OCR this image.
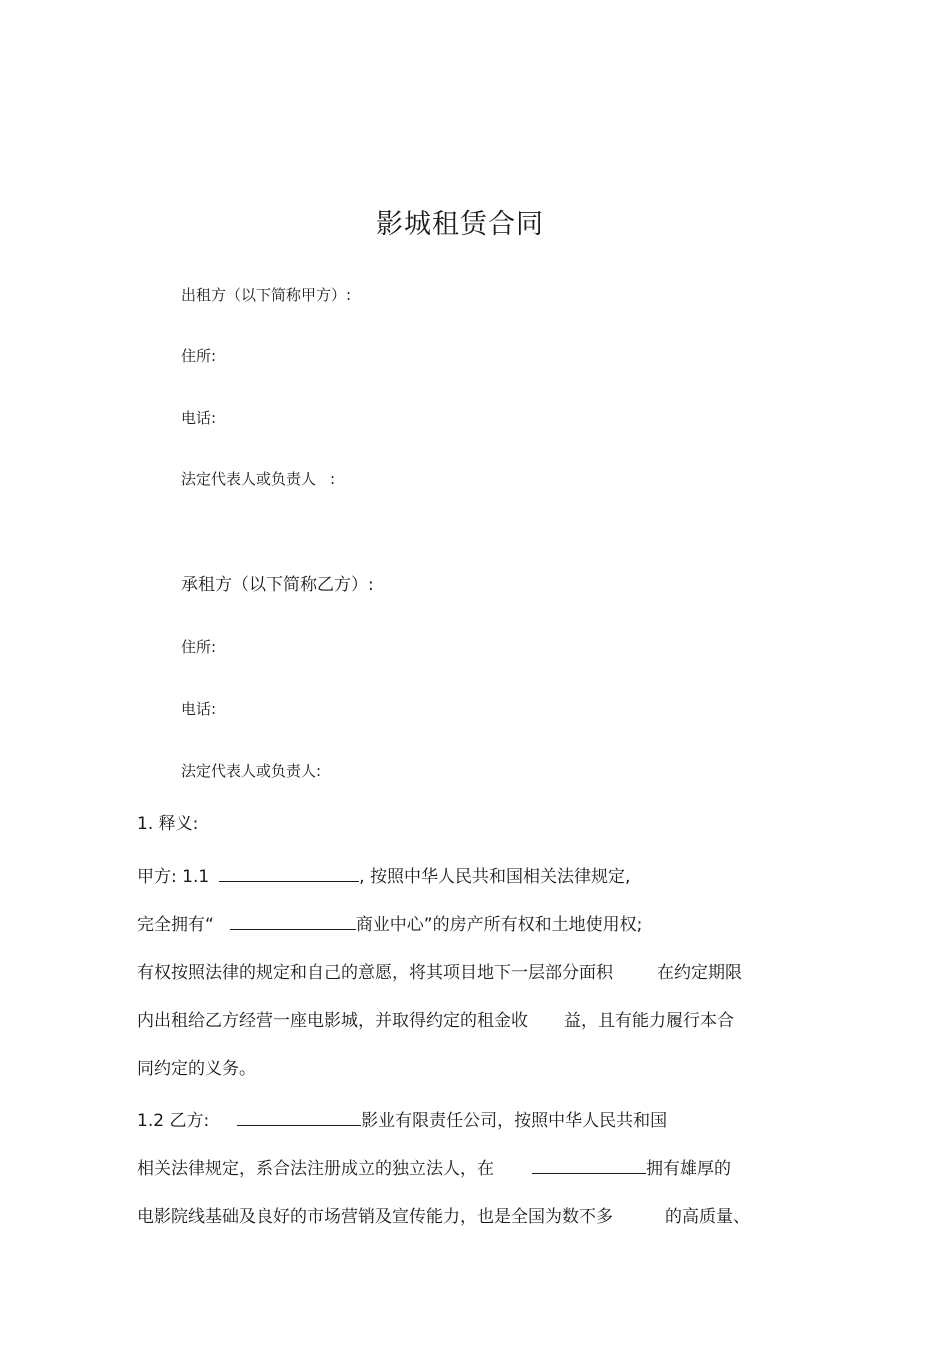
影城租赁合同
出租方（以下简称甲方）:
住所:
电话:
法定代表人或负责人 :
承租方（以下简称乙方）:
住所:
电话:
法定代表人或负责人:
1. 释义:
甲方: 1.1	, 按照中华人民共和国相关法律规定,
完全拥有“	商业中心”的房产所有权和土地使用权;
有权按照法律的规定和自己的意愿，将其项目地下一层部分面积	在约定期限
内出租给乙方经营一座电影城，并取得约定的租金收 益，且有能力履行本合
同约定的义务。
1.2 乙方:	影业有限责任公司，按照中华人民共和国
相关法律规定，系合法注册成立的独立法人，在	拥有雄厚的
电影院线基础及良好的市场营销及宣传能力，也是全国为数不多	的高质量、
